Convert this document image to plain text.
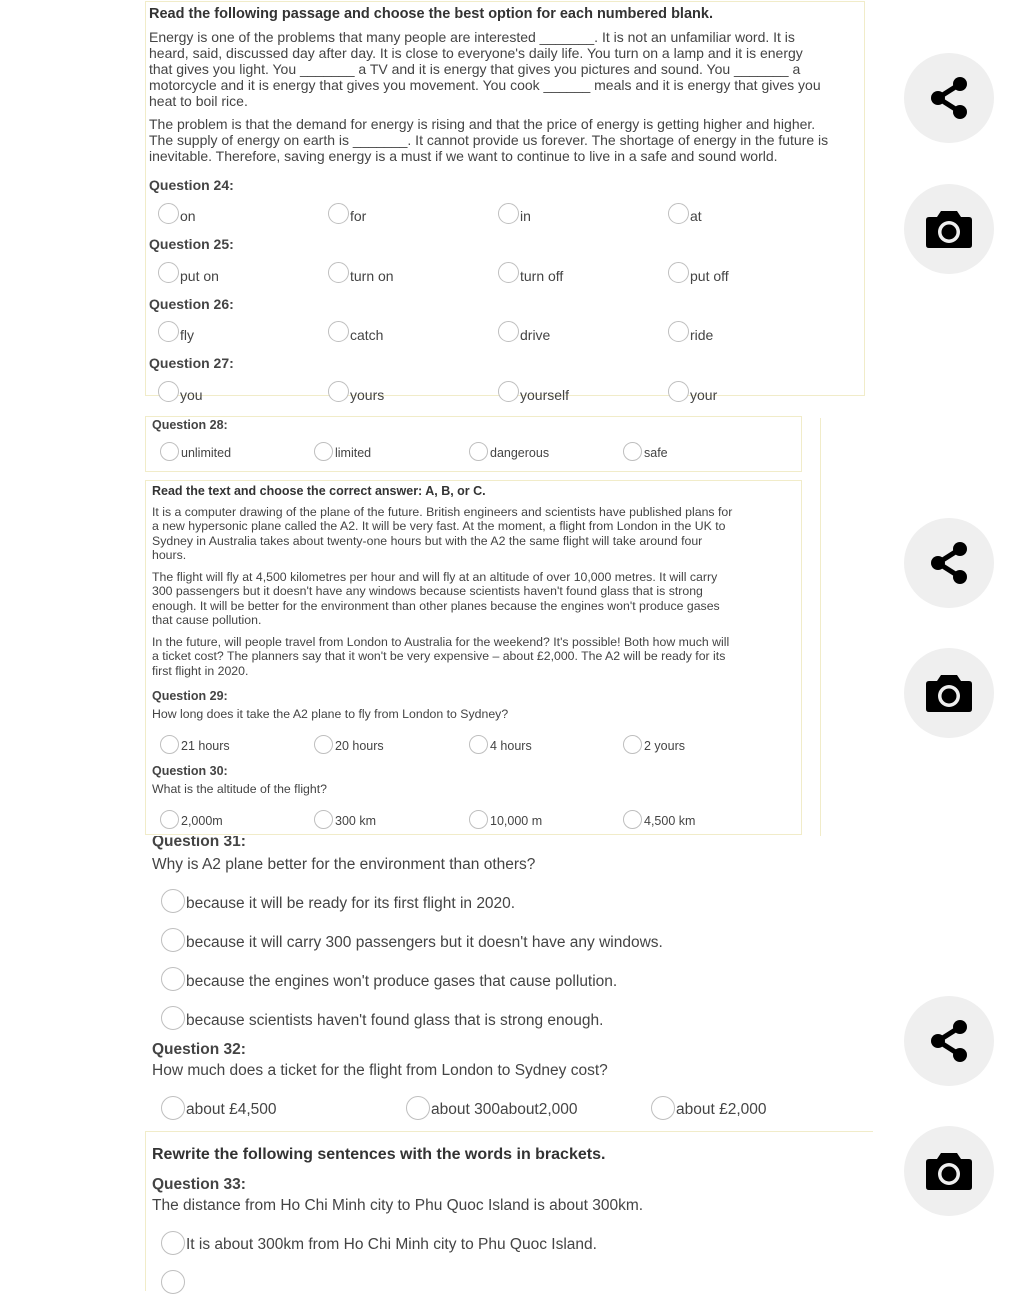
Read the following passage and choose the best option for each numbered blank.
Energy is one of the problems that many people are interested _______. It is not an unfamiliar word. It is
heard, said, discussed day after day. It is close to everyone's daily life. You turn on a lamp and it is energy
that gives you light. You _______ a TV and it is energy that gives you pictures and sound. You _______ a
motorcycle and it is energy that gives you movement. You cook ______ meals and it is energy that gives you
heat to boil rice.
The problem is that the demand for energy is rising and that the price of energy is getting higher and higher.
The supply of energy on earth is _______. It cannot provide us forever. The shortage of energy in the future is
inevitable. Therefore, saving energy is a must if we want to continue to live in a safe and sound world.
Question 24:
on	for	in	at
Question 25:
put on	turn on	turn off	put off
Question 26:
fly	catch	drive	ride
Question 27:
you	yours	yourself	your
Question 28:
unlimited	limited	dangerous	safe
Read the text and choose the correct answer: A, B, or C.
It is a computer drawing of the plane of the future. British engineers and scientists have published plans for
a new hypersonic plane called the A2. It will be very fast. At the moment, a flight from London in the UK to
Sydney in Australia takes about twenty-one hours but with the A2 the same flight will take around four
hours.
The flight will fly at 4,500 kilometres per hour and will fly at an altitude of over 10,000 metres. It will carry
300 passengers but it doesn't have any windows because scientists haven't found glass that is strong
enough. It will be better for the environment than other planes because the engines won't produce gases
that cause pollution.
In the future, will people travel from London to Australia for the weekend? It's possible! Both how much will
a ticket cost? The planners say that it won't be very expensive – about £2,000. The A2 will be ready for its
first flight in 2020.
Question 29:
How long does it take the A2 plane to fly from London to Sydney?
21 hours	20 hours	4 hours	2 yours
Question 30:
What is the altitude of the flight?
2,000m	300 km	10,000 m	4,500 km
Question 31:
Why is A2 plane better for the environment than others?
because it will be ready for its first flight in 2020.
because it will carry 300 passengers but it doesn't have any windows.
because the engines won't produce gases that cause pollution.
because scientists haven't found glass that is strong enough.
Question 32:
How much does a ticket for the flight from London to Sydney cost?
about £4,500	about 300about2,000	about £2,000
Rewrite the following sentences with the words in brackets.
Question 33:
The distance from Ho Chi Minh city to Phu Quoc Island is about 300km.
It is about 300km from Ho Chi Minh city to Phu Quoc Island.
